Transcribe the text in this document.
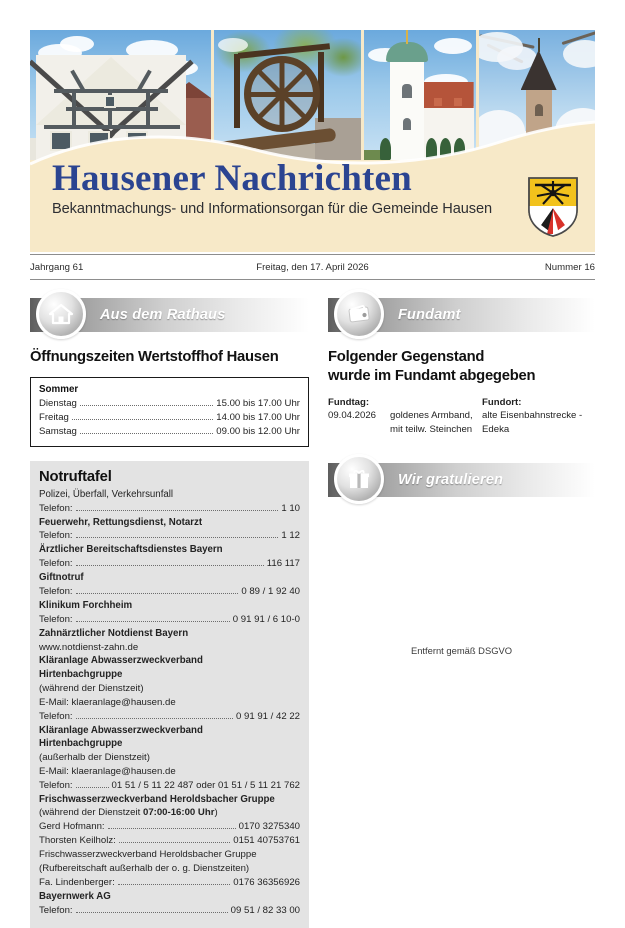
Hausener Nachrichten
Bekanntmachungs- und Informationsorgan für die Gemeinde Hausen
Jahrgang 61	Freitag, den 17. April 2026	Nummer 16
Aus dem Rathaus
Öffnungszeiten Wertstoffhof Hausen
Sommer
Dienstag	15.00 bis 17.00 Uhr
Freitag	14.00 bis 17.00 Uhr
Samstag	09.00 bis 12.00 Uhr
Notruftafel
Polizei, Überfall, Verkehrsunfall
Telefon:	1 10
Feuerwehr, Rettungsdienst, Notarzt
Telefon:	1 12
Ärztlicher Bereitschaftsdienstes Bayern
Telefon:	116 117
Giftnotruf
Telefon:	0 89 / 1 92 40
Klinikum Forchheim
Telefon:	0 91 91 / 6 10-0
Zahnärztlicher Notdienst Bayern
www.notdienst-zahn.de
Kläranlage Abwasserzweckverband
Hirtenbachgruppe
(während der Dienstzeit)
E-Mail: klaeranlage@hausen.de
Telefon:	0 91 91 / 42 22
Kläranlage Abwasserzweckverband
Hirtenbachgruppe
(außerhalb der Dienstzeit)
E-Mail: klaeranlage@hausen.de
Telefon:	01 51 / 5 11 22 487 oder 01 51 / 5 11 21 762
Frischwasserzweckverband Heroldsbacher Gruppe
(während der Dienstzeit 07:00-16:00 Uhr)
Gerd Hofmann:	0170 3275340
Thorsten Keilholz:	0151 40753761
Frischwasserzweckverband Heroldsbacher Gruppe
(Rufbereitschaft außerhalb der o. g. Dienstzeiten)
Fa. Lindenberger:	0176 36356926
Bayernwerk AG
Telefon:	09 51 / 82 33 00
Fundamt
Folgender Gegenstand
wurde im Fundamt abgegeben
Fundtag:
09.04.2026
	goldenes Armband, mit teilw. Steinchen
Fundort:
alte Eisenbahnstrecke - Edeka
Wir gratulieren
Entfernt gemäß DSGVO
